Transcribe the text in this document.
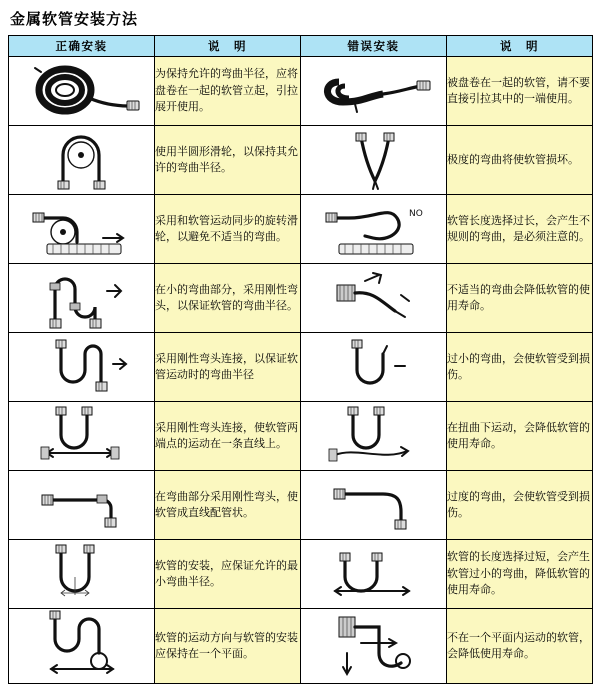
金属软管安装方法
正确安装	说　明	错误安装	说　明

	为保持允许的弯曲半径，应将盘卷在一起的软管立起，引拉展开使用。		被盘卷在一起的软管，请不要直接引拉其中的一端使用。

	使用半圆形滑轮，以保持其允许的弯曲半径。		极度的弯曲将使软管损坏。

	采用和软管运动同步的旋转滑轮，以避免不适当的弯曲。	NO	软管长度选择过长，会产生不规则的弯曲，是必须注意的。

	在小的弯曲部分，采用刚性弯头，以保证软管的弯曲半径。		不适当的弯曲会降低软管的使用寿命。

	采用刚性弯头连接，以保证软管运动时的弯曲半径		过小的弯曲，会使软管受到损伤。

	采用刚性弯头连接，使软管两端点的运动在一条直线上。		在扭曲下运动，会降低软管的使用寿命。

	在弯曲部分采用刚性弯头，使软管成直线配管状。		过度的弯曲，会使软管受到损伤。

	软管的安装，应保证允许的最小弯曲半径。		软管的长度选择过短，会产生软管过小的弯曲，降低软管的使用寿命。

	软管的运动方向与软管的安装应保持在一个平面。		不在一个平面内运动的软管，会降低使用寿命。
